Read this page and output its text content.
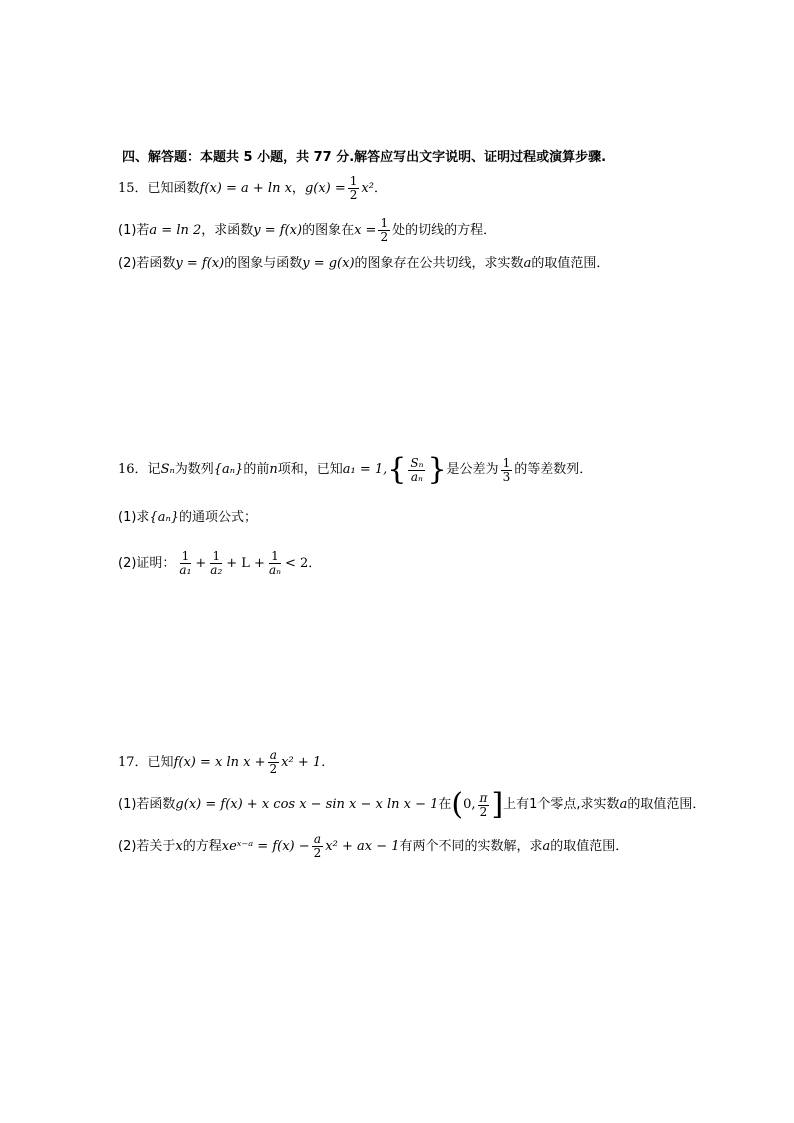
四、解答题：本题共 5 小题，共 77 分.解答应写出文字说明、证明过程或演算步骤.
15． 已知函数 f(x) = a + ln x ， $g(x) = \frac{1}{2} x^2$ ．
(1)若 a = ln 2 ，求函数 y = f(x) 的图象在 $x = \frac{1}{2}$ 处的切线的方程．
(2)若函数 y = f(x) 的图象与函数 y = g(x) 的图象存在公共切线，求实数 a 的取值范围．
16． 记 Sₙ 为数列 {aₙ} 的前 n 项和，已知 a₁ = 1, { $\frac{\text{Sₙ}}{\text{aₙ}}$ } 是公差为 $\frac{1}{3}$ 的等差数列．
(1)求 {aₙ} 的通项公式；
(2)证明： $\frac{1}{\text{a₁}} + \frac{1}{\text{a₂}} + L + \frac{1}{\text{aₙ}} < 2$．
17． 已知 f(x) = x $\ln x + \frac{a}{2} x^2 + 1$．
(1)若函数 g(x) = f(x) + x cos x − sin x − x ln x − 1 在 ( 0, $\frac{\pi}{2}$ ] 上有1个零点,求实数 a 的取值范围．
(2)若关于 x 的方程 xeˣ⁻ᵃ = $f(x) - \frac{a}{2} x^2$ + ax − 1 有两个不同的实数解，求 a 的取值范围．
